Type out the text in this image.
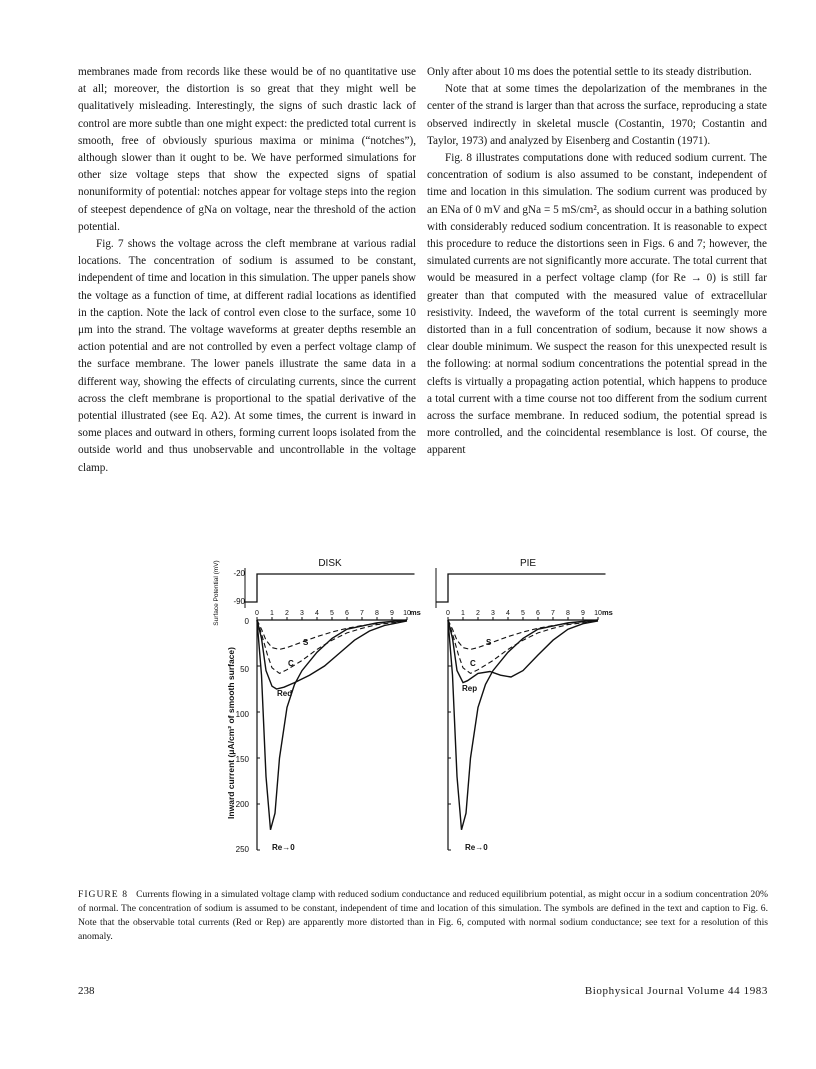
membranes made from records like these would be of no quantitative use at all; moreover, the distortion is so great that they might well be qualitatively misleading. Interestingly, the signs of such drastic lack of control are more subtle than one might expect: the predicted total current is smooth, free of obviously spurious maxima or minima (“notches”), although slower than it ought to be. We have performed simulations for other size voltage steps that show the expected signs of spatial nonuniformity of potential: notches appear for voltage steps into the region of steepest dependence of gNa on voltage, near the threshold of the action potential.

Fig. 7 shows the voltage across the cleft membrane at various radial locations. The concentration of sodium is assumed to be constant, independent of time and location in this simulation. The upper panels show the voltage as a function of time, at different radial locations as identified in the caption. Note the lack of control even close to the surface, some 10 μm into the strand. The voltage waveforms at greater depths resemble an action potential and are not controlled by even a perfect voltage clamp of the surface membrane. The lower panels illustrate the same data in a different way, showing the effects of circulating currents, since the current across the cleft membrane is proportional to the spatial derivative of the potential illustrated (see Eq. A2). At some times, the current is inward in some places and outward in others, forming current loops isolated from the outside world and thus unobservable and uncontrollable in the voltage clamp.

Only after about 10 ms does the potential settle to its steady distribution.

Note that at some times the depolarization of the membranes in the center of the strand is larger than that across the surface, reproducing a state observed indirectly in skeletal muscle (Costantin, 1970; Costantin and Taylor, 1973) and analyzed by Eisenberg and Costantin (1971).

Fig. 8 illustrates computations done with reduced sodium current. The concentration of sodium is also assumed to be constant, independent of time and location in this simulation. The sodium current was produced by an ENa of 0 mV and gNa = 5 mS/cm², as should occur in a bathing solution with considerably reduced sodium concentration. It is reasonable to expect this procedure to reduce the distortions seen in Figs. 6 and 7; however, the simulated currents are not significantly more accurate. The total current that would be measured in a perfect voltage clamp (for Re → 0) is still far greater than that computed with the measured value of extracellular resistivity. Indeed, the waveform of the total current is seemingly more distorted than in a full concentration of sodium, because it now shows a clear double minimum. We suspect the reason for this unexpected result is the following: at normal sodium concentrations the potential spread in the clefts is virtually a propagating action potential, which happens to produce a total current with a time course not too different from the sodium current across the surface membrane. In reduced sodium, the potential spread is more controlled, and the coincidental resemblance is lost. Of course, the apparent

DISK	PIE
Surface Potential (mV)
Inward current (μA/cm² of smooth surface)
-20
-90
0
50
100
150
200
250
ms	ms
S
C
Red
Re→0
S
C
Rep
Re→0
0 1 2 3 4 5 6 7 8 9 10	0 1 2 3 4 5 6 7 8 9 10
FIGURE 8 Currents flowing in a simulated voltage clamp with reduced sodium conductance and reduced equilibrium potential, as might occur in a sodium concentration 20% of normal. The concentration of sodium is assumed to be constant, independent of time and location of this simulation. The symbols are defined in the text and caption to Fig. 6. Note that the observable total currents (Red or Rep) are apparently more distorted than in Fig. 6, computed with normal sodium conductance; see text for a resolution of this anomaly.
238	Biophysical Journal Volume 44 1983
